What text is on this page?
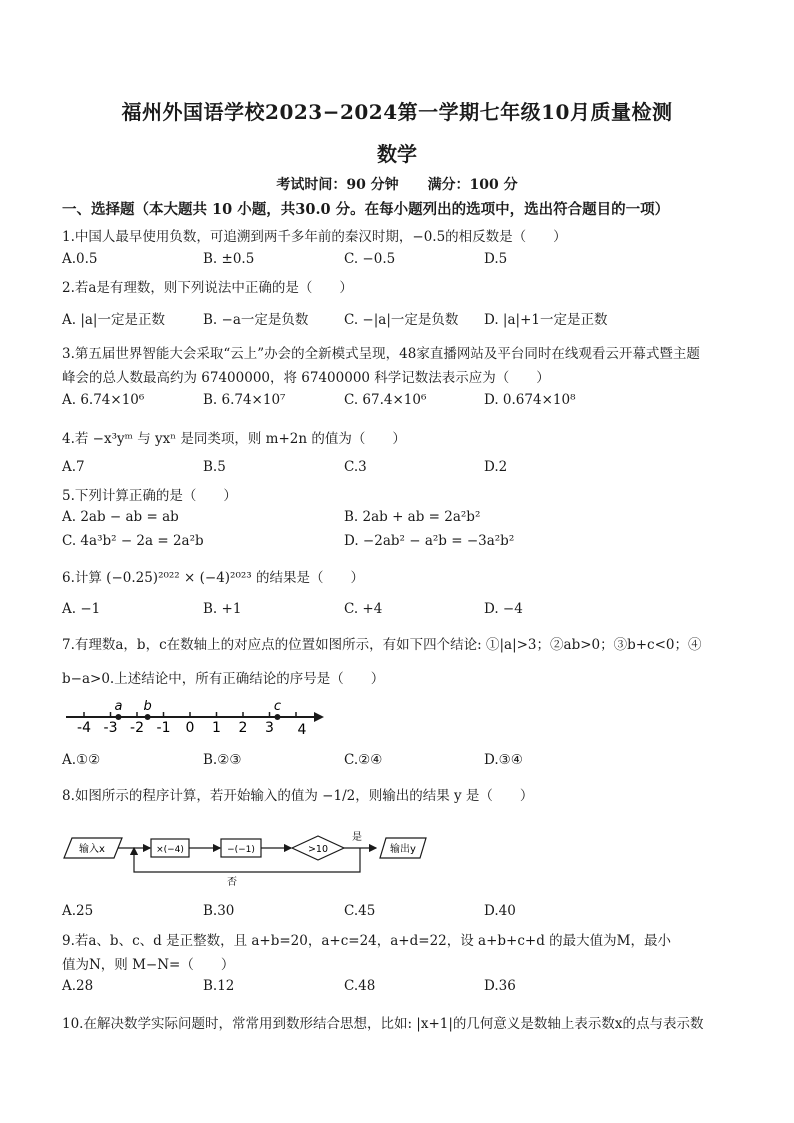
福州外国语学校2023−2024第一学期七年级10月质量检测
数学
考试时间：90 分钟 满分：100 分
一、选择题（本大题共 10 小题，共30.0 分。在每小题列出的选项中，选出符合题目的一项）
1.中国人最早使用负数，可追溯到两千多年前的秦汉时期，−0.5的相反数是（　　）
A.0.5	B. ±0.5	C. −0.5	D.5
2.若a是有理数，则下列说法中正确的是（　　）
A. |a|一定是正数	B. −a一定是负数	C. −|a|一定是负数 D. |a|+1一定是正数
3.第五届世界智能大会采取“云上”办会的全新模式呈现，48家直播网站及平台同时在线观看云开幕式暨主题
峰会的总人数最高约为 67400000，将 67400000 科学记数法表示应为（　　）
A. 6.74×10⁶	B. 6.74×10⁷	C. 67.4×10⁶	D. 0.674×10⁸
4.若 −x³yᵐ 与 yxⁿ 是同类项，则 m+2n 的值为（　　）
A.7	B.5	C.3	D.2
5.下列计算正确的是（　　）
A. 2ab − ab = ab	B. 2ab + ab = 2a²b²
C. 4a³b² − 2a = 2a²b	D. −2ab² − a²b = −3a²b²
6.计算 (−0.25)²⁰²² × (−4)²⁰²³ 的结果是（　　）
A. −1	B. +1	C. +4	D. −4
7.有理数a，b，c在数轴上的对应点的位置如图所示，有如下四个结论: ①|a|>3；②ab>0；③b+c<0；④
b−a>0.上述结论中，所有正确结论的序号是（　　）
-4 -3 -2 -1 0 1 2 3 4
a b	c
A.①②	B.②③	C.②④	D.③④
8.如图所示的程序计算，若开始输入的值为 −1/2，则输出的结果 y 是（　　）
输入x	×(−4)	−(−1)	>10
是
输出y
否
A.25	B.30	C.45	D.40
9.若a、b、c、d 是正整数，且 a+b=20，a+c=24，a+d=22，设 a+b+c+d 的最大值为M，最小
值为N，则 M−N=（　　）
A.28	B.12	C.48	D.36
10.在解决数学实际问题时，常常用到数形结合思想，比如: |x+1|的几何意义是数轴上表示数x的点与表示数
